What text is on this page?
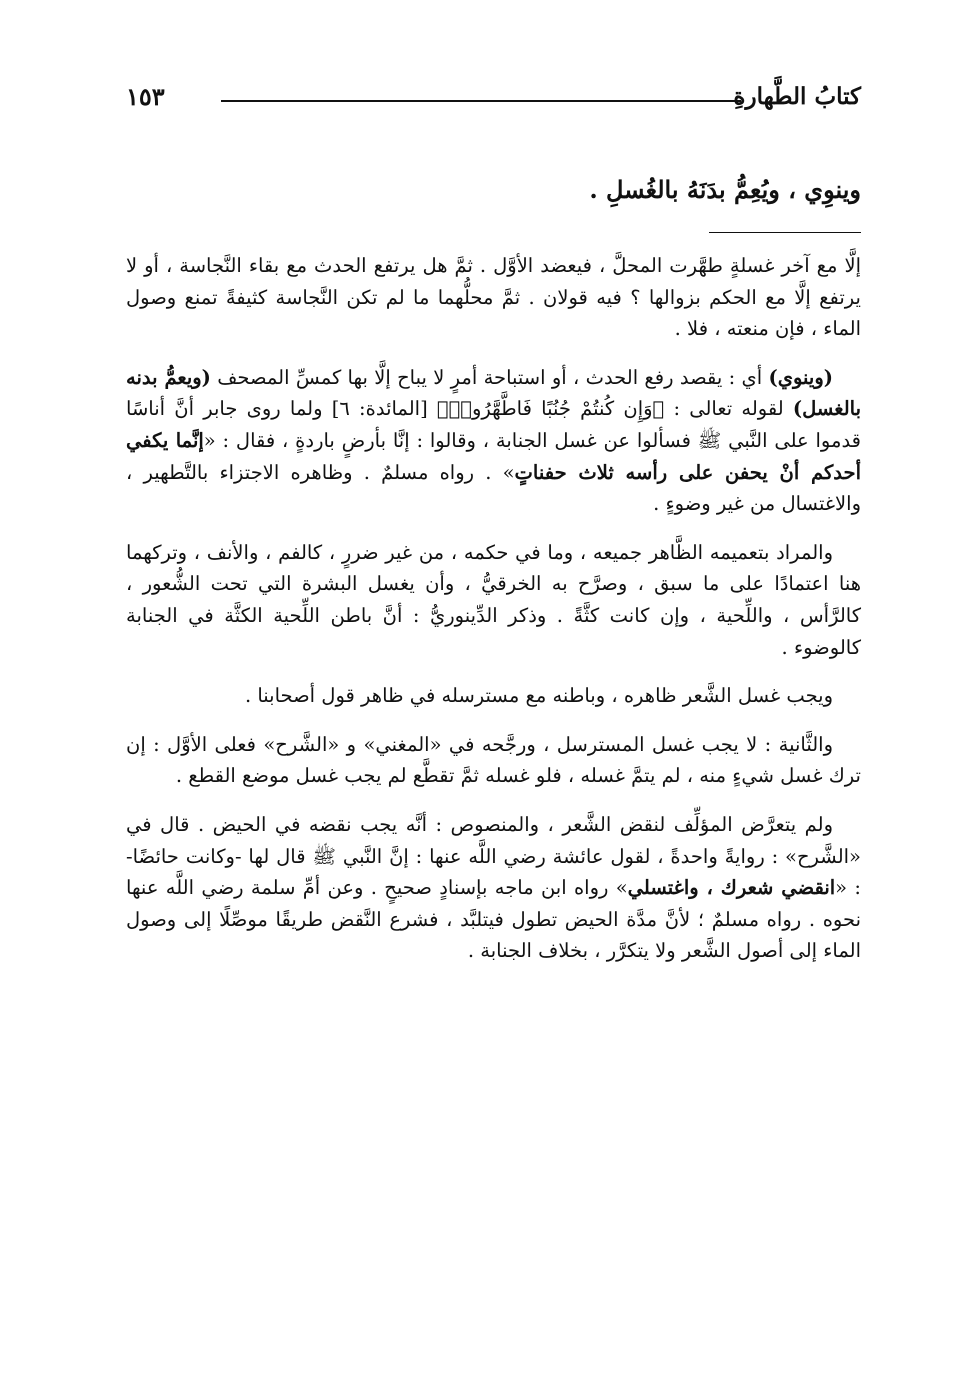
كتابُ الطَّهارةِ
١٥٣
وينوِي ، ويُعِمُّ بدَنَهُ بالغُسلِ .

إلَّا مع آخر غسلةٍ طهَّرت المحلَّ ، فيعضد الأوَّل . ثمَّ هل يرتفع الحدث مع بقاء النَّجاسة ، أو لا يرتفع إلَّا مع الحكم بزوالها ؟ فيه قولان . ثمَّ محلُّهما ما لم تكن النَّجاسة كثيفةً تمنع وصول الماء ، فإن منعته ، فلا .

(وينوي) أي : يقصد رفع الحدث ، أو استباحة أمرٍ لا يباح إلَّا بها كمسِّ المصحف (ويعمُّ بدنه بالغسل) لقوله تعالى : ﴿وَإِن كُنتُمْ جُنُبًا فَاطَّهَّرُوا۟﴾ [المائدة: ٦] ولما روى جابر أنَّ أناسًا قدموا على النَّبي ﷺ فسألوا عن غسل الجنابة ، وقالوا : إنَّا بأرضٍ باردةٍ ، فقال : «إنَّما يكفي أحدكم أنْ يحفن على رأسه ثلاث حفناتٍ» . رواه مسلمٌ . وظاهره الاجتزاء بالتَّطهير ، والاغتسال من غير وضوءٍ .

والمراد بتعميمه الظَّاهر جميعه ، وما في حكمه ، من غير ضررٍ ، كالفم ، والأنف ، وتركهما هنا اعتمادًا على ما سبق ، وصرَّح به الخرقيُّ ، وأن يغسل البشرة التي تحت الشُّعور ، كالرَّأس ، واللِّحية ، وإن كانت كثَّةً . وذكر الدِّينوريُّ : أنَّ باطن اللِّحية الكثَّة في الجنابة كالوضوء .

ويجب غسل الشَّعر ظاهره ، وباطنه مع مسترسله في ظاهر قول أصحابنا .

والثَّانية : لا يجب غسل المسترسل ، ورجَّحه في «المغني» و «الشَّرح» فعلى الأوَّل : إن ترك غسل شيءٍ منه ، لم يتمَّ غسله ، فلو غسله ثمَّ تقطَّع لم يجب غسل موضع القطع .

ولم يتعرَّض المؤلِّف لنقض الشَّعر ، والمنصوص : أنَّه يجب نقضه في الحيض . قال في «الشَّرح» : روايةً واحدةً ، لقول عائشة رضي اللَّه عنها : إنَّ النَّبي ﷺ قال لها -وكانت حائضًا- : «انقضي شعرك ، واغتسلي» رواه ابن ماجه بإسنادٍ صحيحٍ . وعن أمِّ سلمة رضي اللَّه عنها نحوه . رواه مسلمٌ ؛ لأنَّ مدَّة الحيض تطول فيتلبَّد ، فشرع النَّقض طريقًا موصِّلًا إلى وصول الماء إلى أصول الشَّعر ولا يتكرَّر ، بخلاف الجنابة .
